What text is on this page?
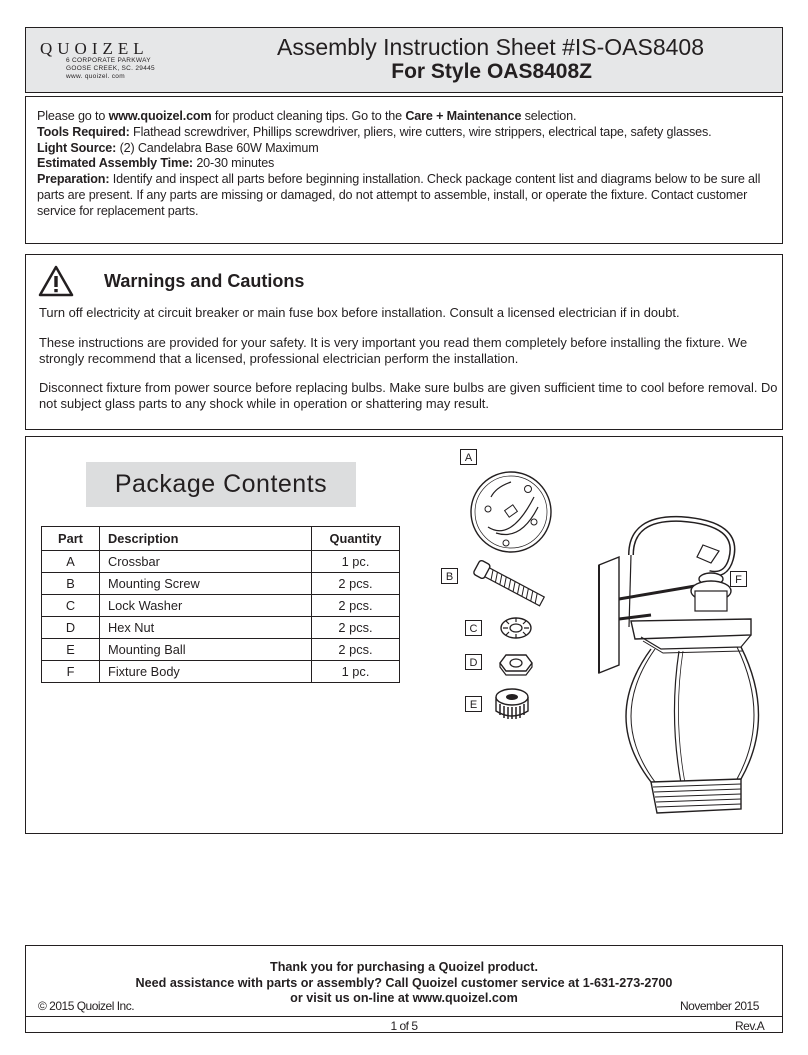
QUOIZEL
6 CORPORATE PARKWAY
GOOSE CREEK, SC. 29445
www. quoizel. com
Assembly Instruction Sheet #IS-OAS8408
For Style OAS8408Z

Please go to www.quoizel.com for product cleaning tips. Go to the Care + Maintenance selection.

Tools Required: Flathead screwdriver, Phillips screwdriver, pliers, wire cutters, wire strippers, electrical tape, safety glasses.

Light Source: (2) Candelabra Base 60W Maximum

Estimated Assembly Time: 20-30 minutes

Preparation: Identify and inspect all parts before beginning installation. Check package content list and diagrams below to be sure all parts are present. If any parts are missing or damaged, do not attempt to assemble, install, or operate the fixture. Contact customer service for replacement parts.

Warnings and Cautions

Turn off electricity at circuit breaker or main fuse box before installation. Consult a licensed electrician if in doubt.

These instructions are provided for your safety. It is very important you read them completely before installing the fixture. We strongly recommend that a licensed, professional electrician perform the installation.

Disconnect fixture from power source before replacing bulbs. Make sure bulbs are given sufficient time to cool before removal. Do not subject glass parts to any shock while in operation or shattering may result.

Package Contents
Part	Description	Quantity
A	Crossbar	1 pc.
B	Mounting Screw	2 pcs.
C	Lock Washer	2 pcs.
D	Hex Nut	2 pcs.
E	Mounting Ball	2 pcs.
F	Fixture Body	1 pc.
A
B
C
D
E
F
Thank you for purchasing a Quoizel product.
Need assistance with parts or assembly? Call Quoizel customer service at 1-631-273-2700
or visit us on-line at www.quoizel.com
© 2015 Quoizel Inc.	November 2015
1 of 5	Rev.A
